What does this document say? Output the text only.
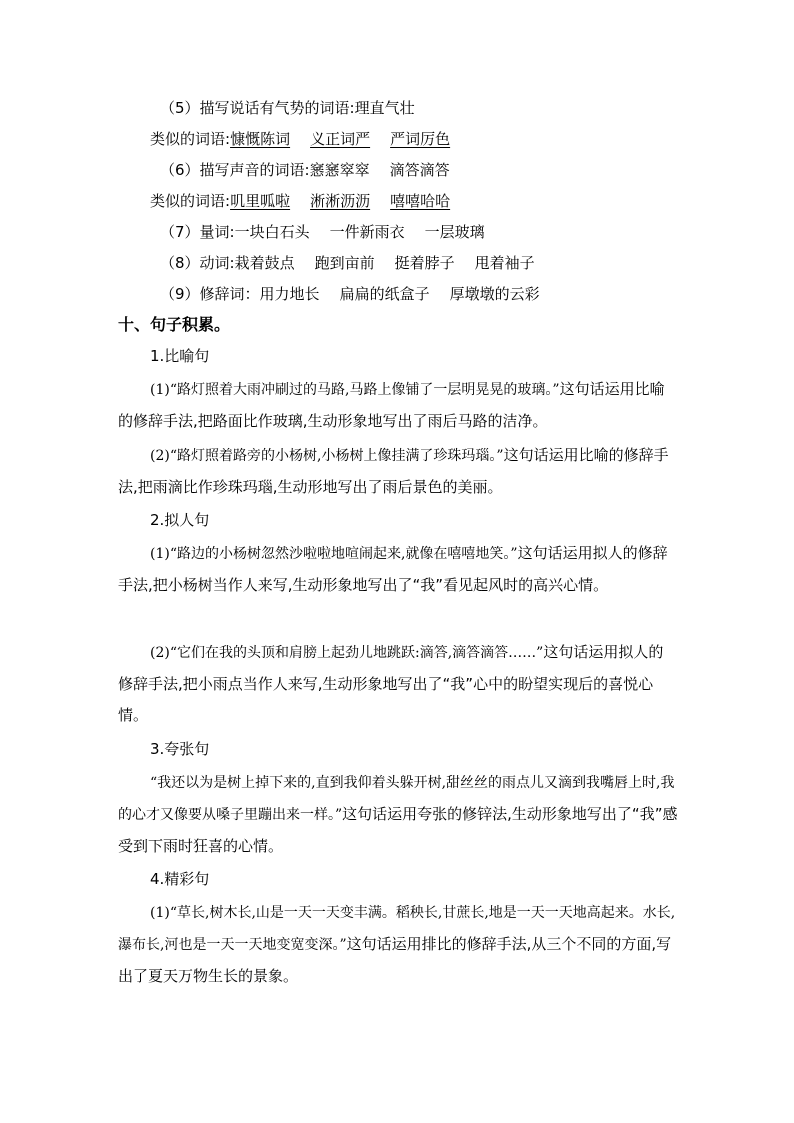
（5）描写说话有气势的词语:理直气壮
类似的词语:慷慨陈词 义正词严 严词厉色
（6）描写声音的词语:窸窸窣窣 滴答滴答
类似的词语:叽里呱啦 淅淅沥沥 嘻嘻哈哈
（7）量词:一块白石头 一件新雨衣 一层玻璃
（8）动词:栽着鼓点 跑到亩前 挺着脖子 甩着袖子
（9）修辞词：用力地长 扁扁的纸盒子 厚墩墩的云彩
十、句子积累。
1.比喻句
(1)“路灯照着大雨冲刷过的马路,马路上像铺了一层明晃晃的玻璃。”这句话运用比喻的修辞手法,把路面比作玻璃,生动形象地写出了雨后马路的洁净。
(2)“路灯照着路旁的小杨树,小杨树上像挂满了珍珠玛瑙。”这句话运用比喻的修辞手法,把雨滴比作珍珠玛瑙,生动形地写出了雨后景色的美丽。
2.拟人句
(1)“路边的小杨树忽然沙啦啦地喧闹起来,就像在嘻嘻地笑。”这句话运用拟人的修辞手法,把小杨树当作人来写,生动形象地写出了“我”看见起风时的高兴心情。
(2)“它们在我的头顶和肩膀上起劲儿地跳跃:滴答,滴答滴答……”这句话运用拟人的修辞手法,把小雨点当作人来写,生动形象地写出了“我”心中的盼望实现后的喜悦心情。
3.夸张句
“我还以为是树上掉下来的,直到我仰着头躲开树,甜丝丝的雨点儿又滴到我嘴唇上时,我的心才又像要从嗓子里蹦出来一样。”这句话运用夸张的修锌法,生动形象地写出了“我”感受到下雨时狂喜的心情。
4.精彩句
(1)“草长,树木长,山是一天一天变丰满。稻秧长,甘蔗长,地是一天一天地高起来。水长,瀑布长,河也是一天一天地变宽变深。”这句话运用排比的修辞手法,从三个不同的方面,写出了夏天万物生长的景象。
